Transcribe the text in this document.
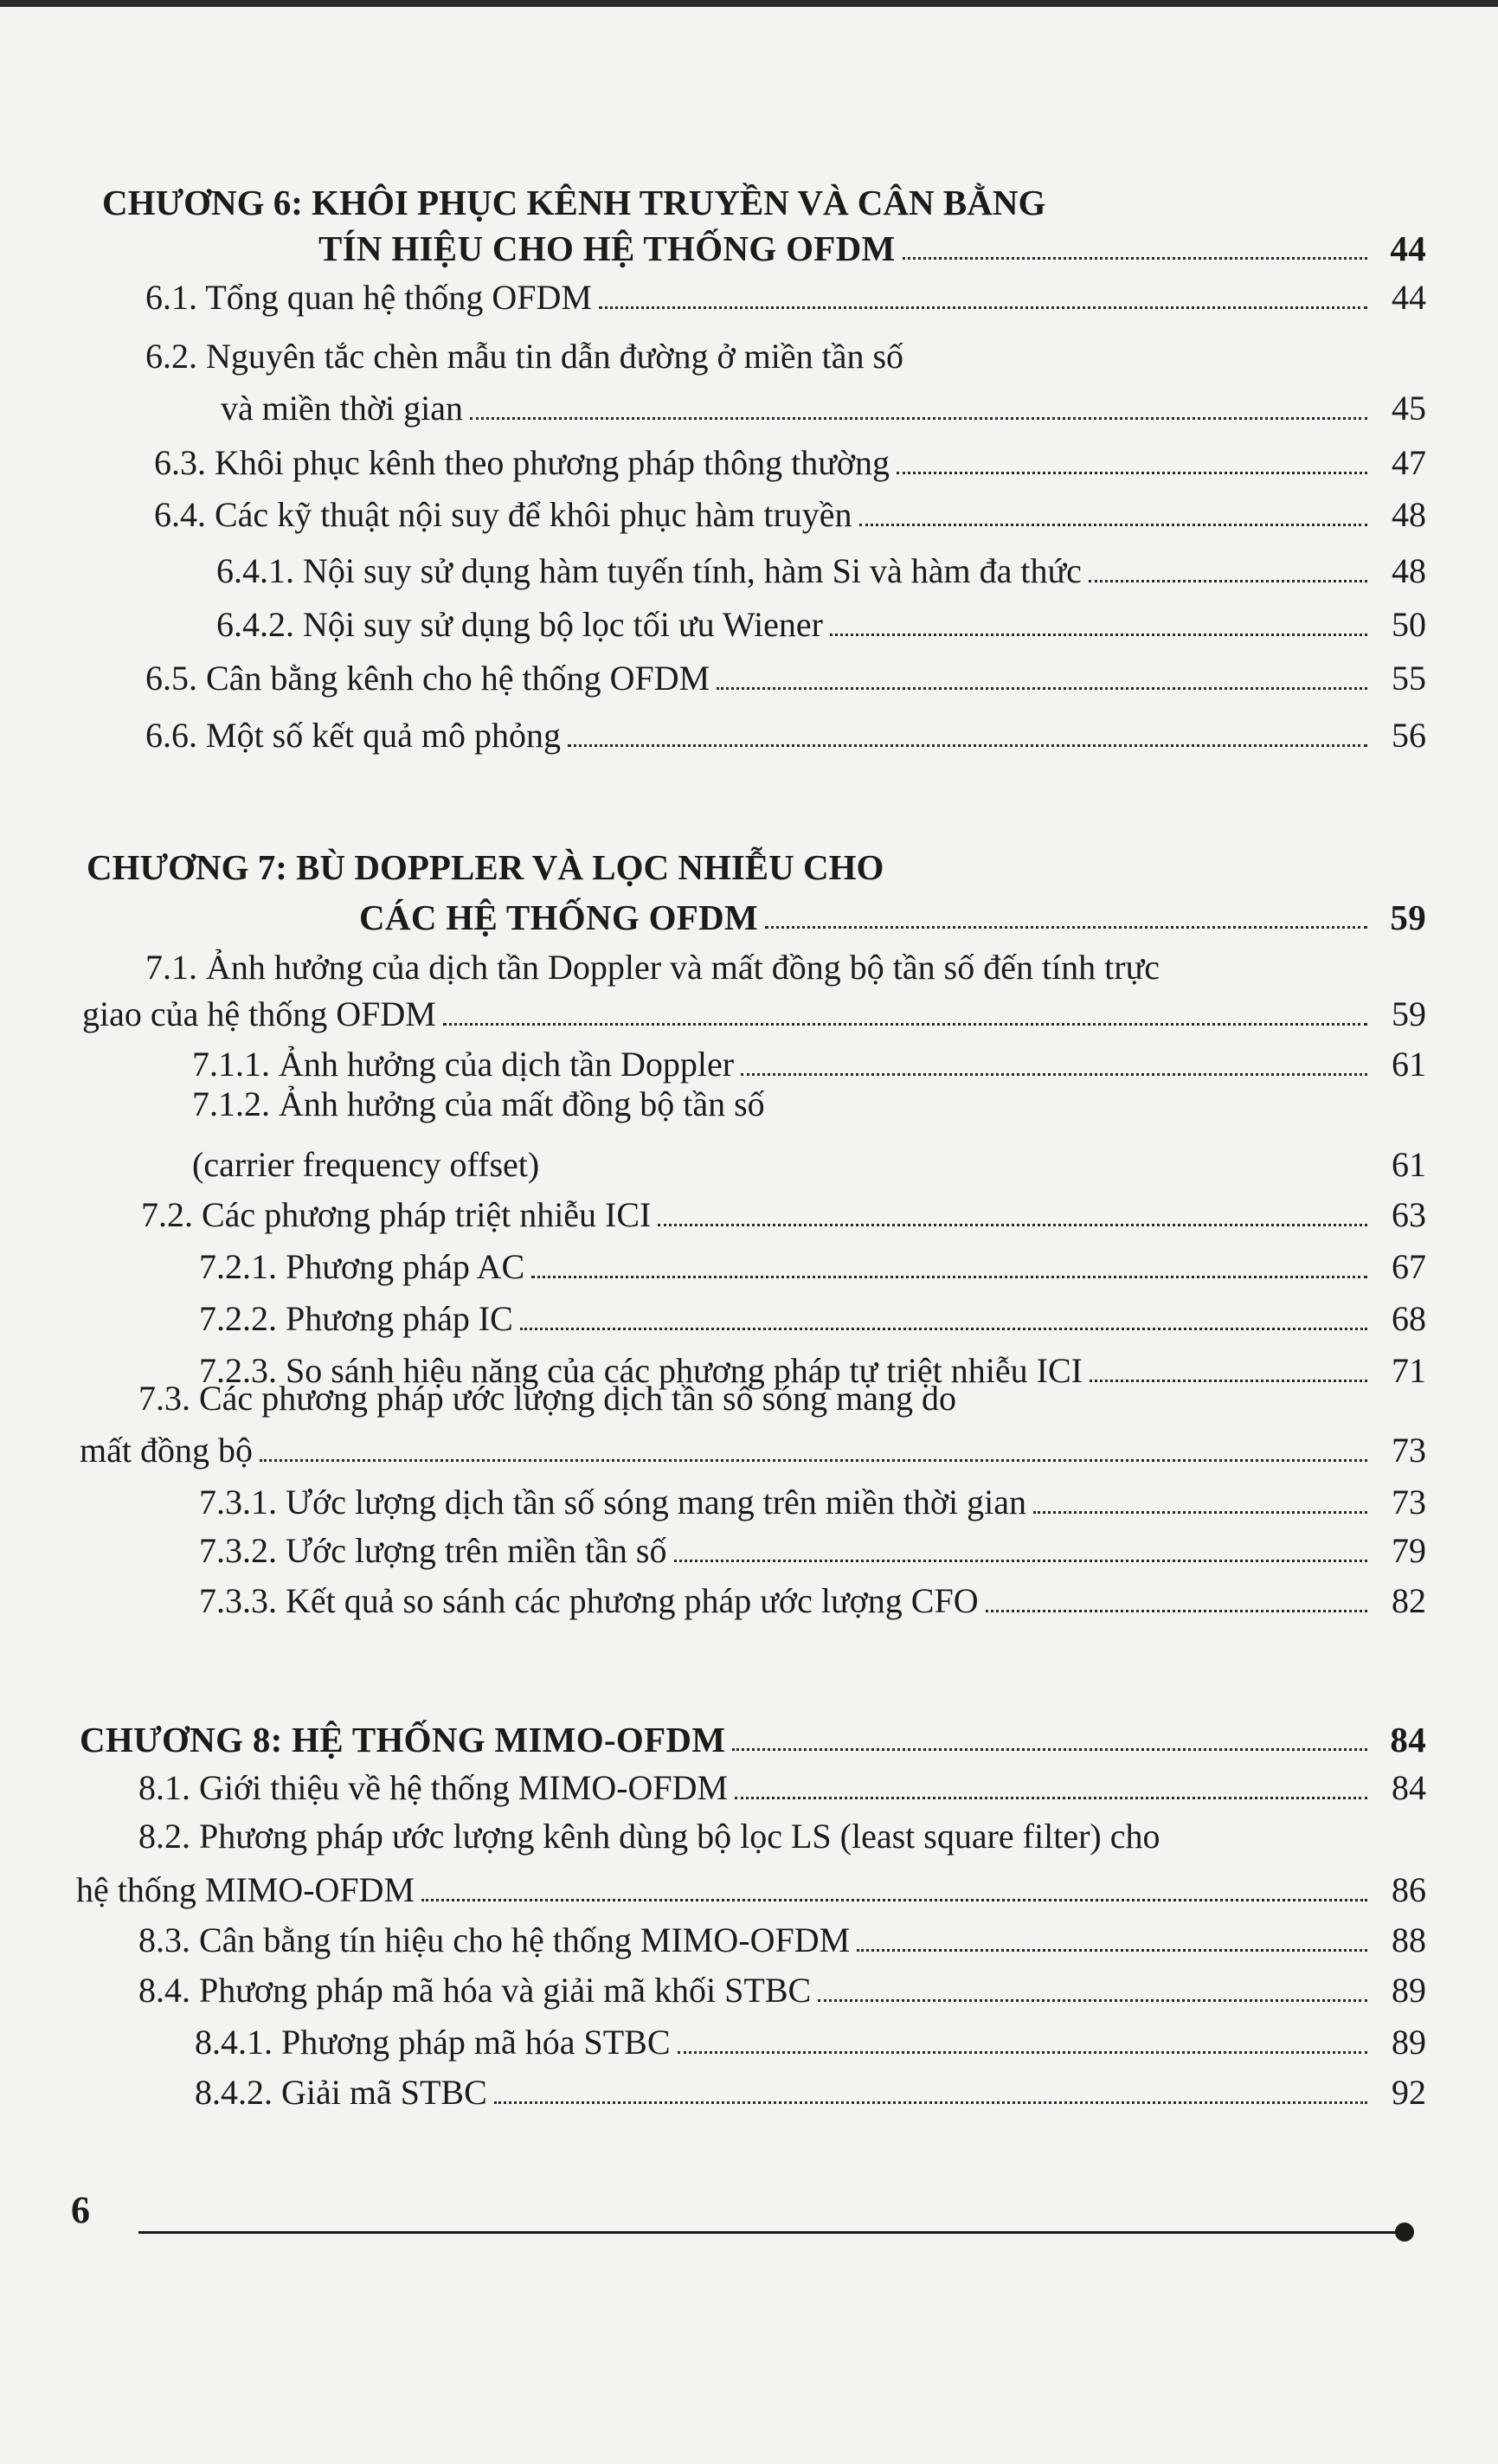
CHƯƠNG 6: KHÔI PHỤC KÊNH TRUYỀN VÀ CÂN BẰNG
TÍN HIỆU CHO HỆ THỐNG OFDM	44
6.1. Tổng quan hệ thống OFDM	44
6.2. Nguyên tắc chèn mẫu tin dẫn đường ở miền tần số
và miền thời gian	45
6.3. Khôi phục kênh theo phương pháp thông thường	47
6.4. Các kỹ thuật nội suy để khôi phục hàm truyền	48
6.4.1. Nội suy sử dụng hàm tuyến tính, hàm Si và hàm đa thức	48
6.4.2. Nội suy sử dụng bộ lọc tối ưu Wiener	50
6.5. Cân bằng kênh cho hệ thống OFDM	55
6.6. Một số kết quả mô phỏng	56
CHƯƠNG 7: BÙ DOPPLER VÀ LỌC NHIỄU CHO
CÁC HỆ THỐNG OFDM	59
7.1. Ảnh hưởng của dịch tần Doppler và mất đồng bộ tần số đến tính trực
giao của hệ thống OFDM	59
7.1.1. Ảnh hưởng của dịch tần Doppler	61
7.1.2. Ảnh hưởng của mất đồng bộ tần số
(carrier frequency offset)	61
7.2. Các phương pháp triệt nhiễu ICI	63
7.2.1. Phương pháp AC	67
7.2.2. Phương pháp IC	68
7.2.3. So sánh hiệu năng của các phương pháp tự triệt nhiễu ICI	71
7.3. Các phương pháp ước lượng dịch tần số sóng mang do
mất đồng bộ	73
7.3.1. Ước lượng dịch tần số sóng mang trên miền thời gian	73
7.3.2. Ước lượng trên miền tần số	79
7.3.3. Kết quả so sánh các phương pháp ước lượng CFO	82
CHƯƠNG 8: HỆ THỐNG MIMO-OFDM	84
8.1. Giới thiệu về hệ thống MIMO-OFDM	84
8.2. Phương pháp ước lượng kênh dùng bộ lọc LS (least square filter) cho
hệ thống MIMO-OFDM	86
8.3. Cân bằng tín hiệu cho hệ thống MIMO-OFDM	88
8.4. Phương pháp mã hóa và giải mã khối STBC	89
8.4.1. Phương pháp mã hóa STBC	89
8.4.2. Giải mã STBC	92
6
